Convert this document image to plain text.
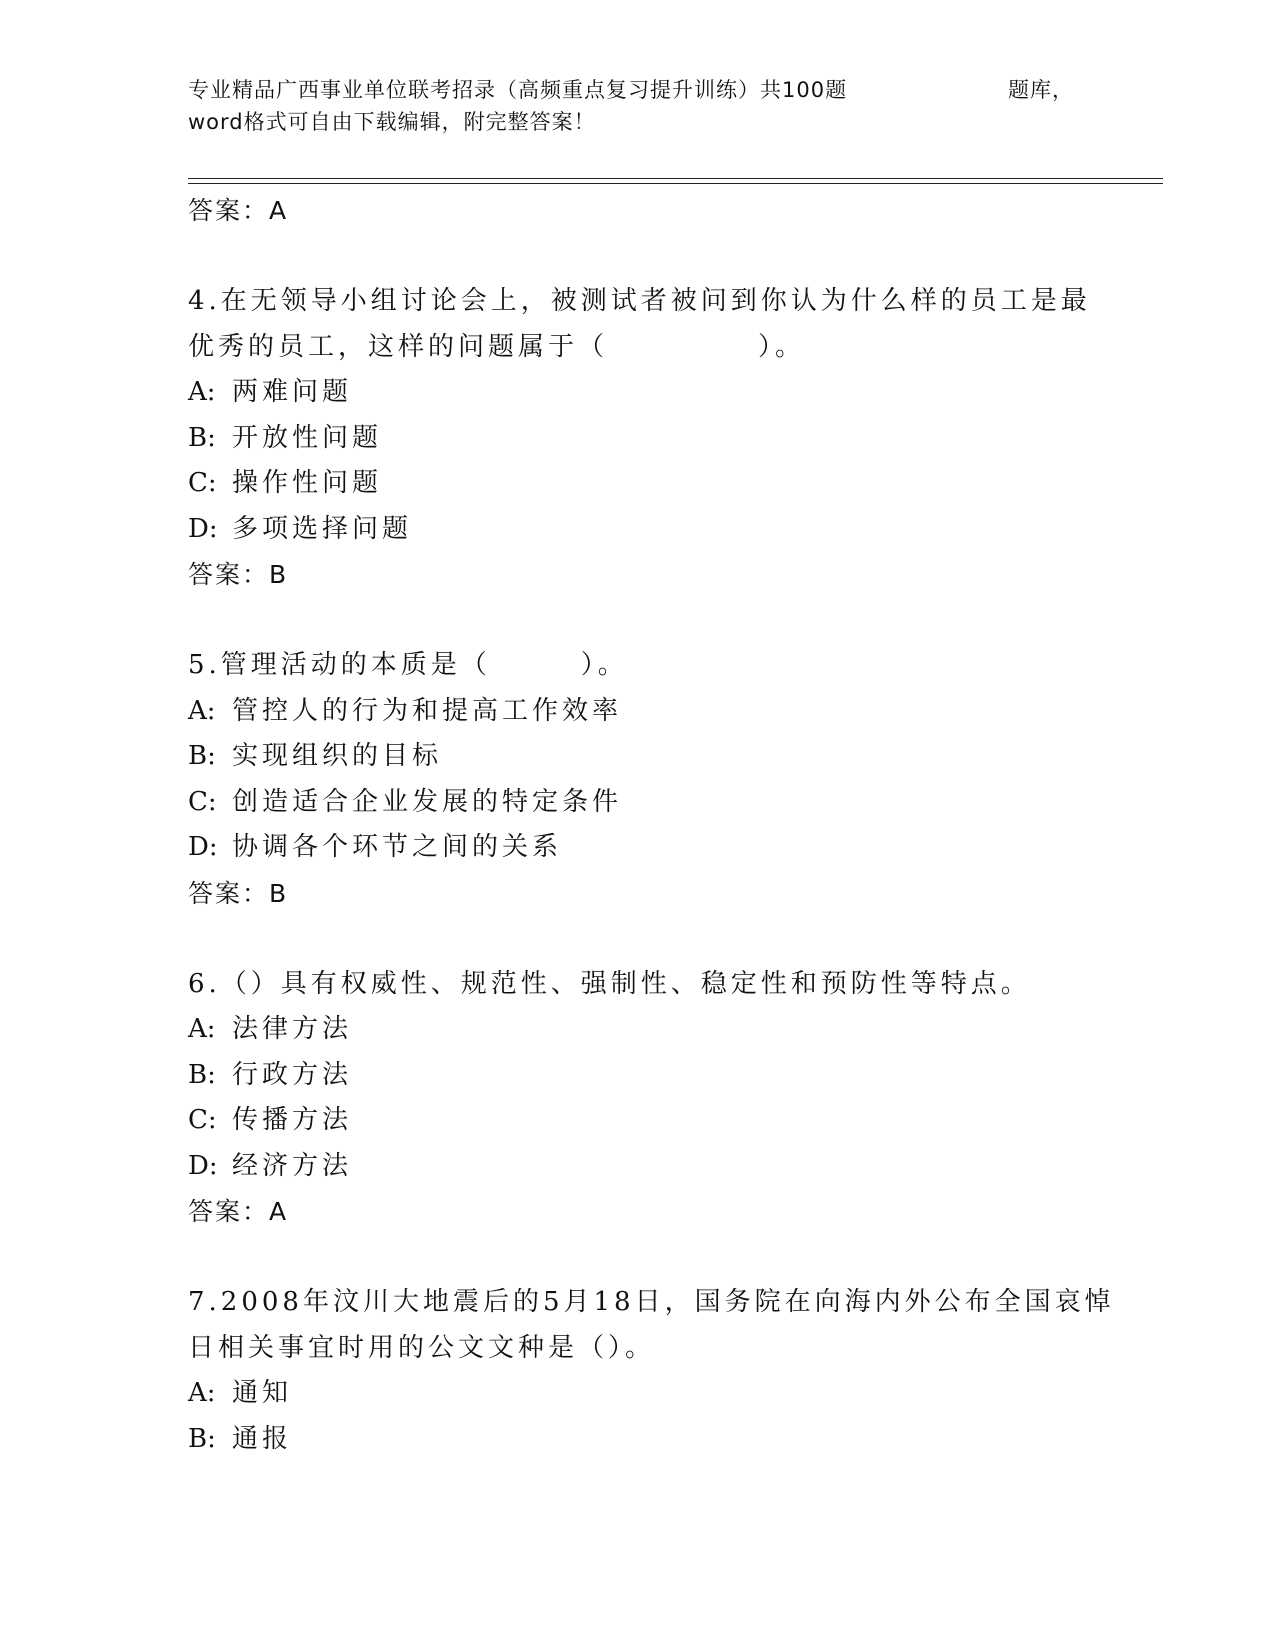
专业精品广西事业单位联考招录（高频重点复习提升训练）共100题	题库，
word格式可自由下载编辑，附完整答案！
答案：A
4.在无领导小组讨论会上，被测试者被问到你认为什么样的员工是最
优秀的员工，这样的问题属于（　　　　　）。
A: 两难问题
B: 开放性问题
C: 操作性问题
D: 多项选择问题
答案：B
5.管理活动的本质是（　　　）。
A: 管控人的行为和提高工作效率
B: 实现组织的目标
C: 创造适合企业发展的特定条件
D: 协调各个环节之间的关系
答案：B
6.（）具有权威性、规范性、强制性、稳定性和预防性等特点。
A: 法律方法
B: 行政方法
C: 传播方法
D: 经济方法
答案：A
7.2008年汶川大地震后的5月18日，国务院在向海内外公布全国哀悼
日相关事宜时用的公文文种是（）。
A: 通知
B: 通报
